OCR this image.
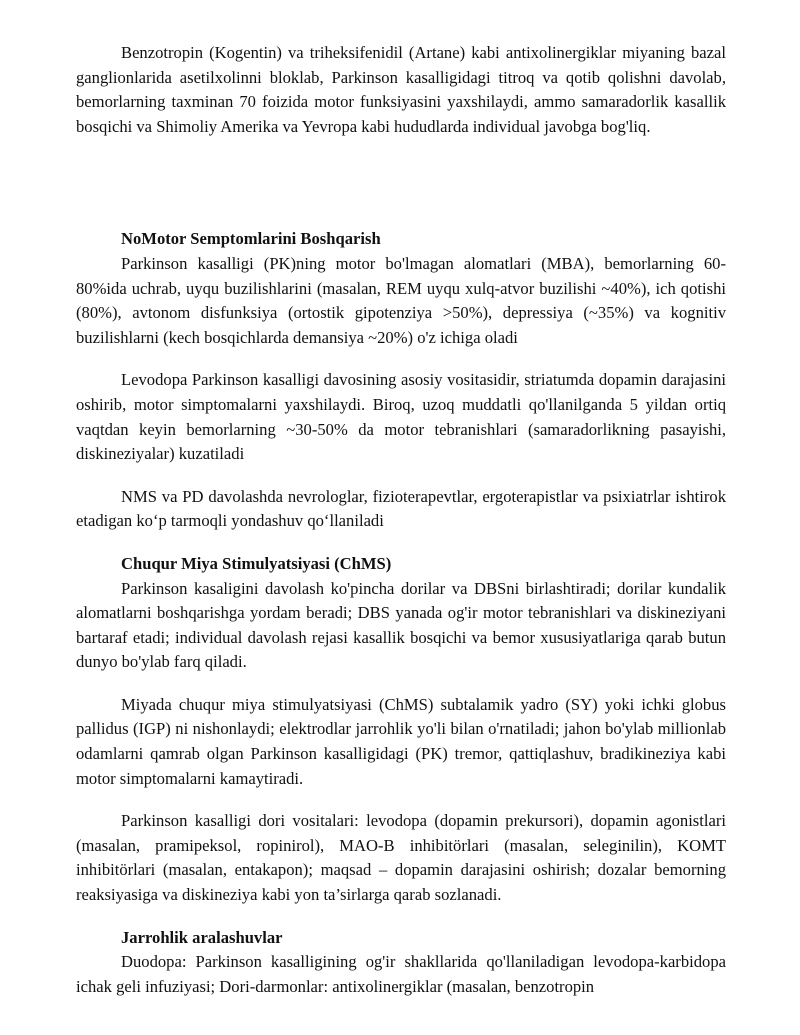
Benzotropin (Kogentin) va triheksifenidil (Artane) kabi antixolinergiklar miyaning bazal ganglionlarida asetilxolinni bloklab, Parkinson kasalligidagi titroq va qotib qolishni davolab, bemorlarning taxminan 70 foizida motor funksiyasini yaxshilaydi, ammo samaradorlik kasallik bosqichi va Shimoliy Amerika va Yevropa kabi hududlarda individual javobga bog'liq.

NoMotor Semptomlarini Boshqarish

Parkinson kasalligi (PK)ning motor bo'lmagan alomatlari (MBA), bemorlarning 60-80%ida uchrab, uyqu buzilishlarini (masalan, REM uyqu xulq-atvor buzilishi ~40%), ich qotishi (80%), avtonom disfunksiya (ortostik gipotenziya >50%), depressiya (~35%) va kognitiv buzilishlarni (kech bosqichlarda demansiya ~20%) o'z ichiga oladi

Levodopa Parkinson kasalligi davosining asosiy vositasidir, striatumda dopamin darajasini oshirib, motor simptomalarni yaxshilaydi. Biroq, uzoq muddatli qo'llanilganda 5 yildan ortiq vaqtdan keyin bemorlarning ~30-50% da motor tebranishlari (samaradorlikning pasayishi, diskineziyalar) kuzatiladi

NMS va PD davolashda nevrologlar, fizioterapevtlar, ergoterapistlar va psixiatrlar ishtirok etadigan ko‘p tarmoqli yondashuv qo‘llaniladi

Chuqur Miya Stimulyatsiyasi (ChMS)

Parkinson kasaligini davolash ko'pincha dorilar va DBSni birlashtiradi; dorilar kundalik alomatlarni boshqarishga yordam beradi; DBS yanada og'ir motor tebranishlari va diskineziyani bartaraf etadi; individual davolash rejasi kasallik bosqichi va bemor xususiyatlariga qarab butun dunyo bo'ylab farq qiladi.

Miyada chuqur miya stimulyatsiyasi (ChMS) subtalamik yadro (SY) yoki ichki globus pallidus (IGP) ni nishonlaydi; elektrodlar jarrohlik yo'li bilan o'rnatiladi; jahon bo'ylab millionlab odamlarni qamrab olgan Parkinson kasalligidagi (PK) tremor, qattiqlashuv, bradikineziya kabi motor simptomalarni kamaytiradi.

Parkinson kasalligi dori vositalari: levodopa (dopamin prekursori), dopamin agonistlari (masalan, pramipeksol, ropinirol), MAO-B inhibitörlari (masalan, seleginilin), KOMT inhibitörlari (masalan, entakapon); maqsad – dopamin darajasini oshirish; dozalar bemorning reaksiyasiga va diskineziya kabi yon ta’sirlarga qarab sozlanadi.

Jarrohlik aralashuvlar

Duodopa: Parkinson kasalligining og'ir shakllarida qo'llaniladigan levodopa-karbidopa ichak geli infuziyasi; Dori-darmonlar: antixolinergiklar (masalan, benzotropin
